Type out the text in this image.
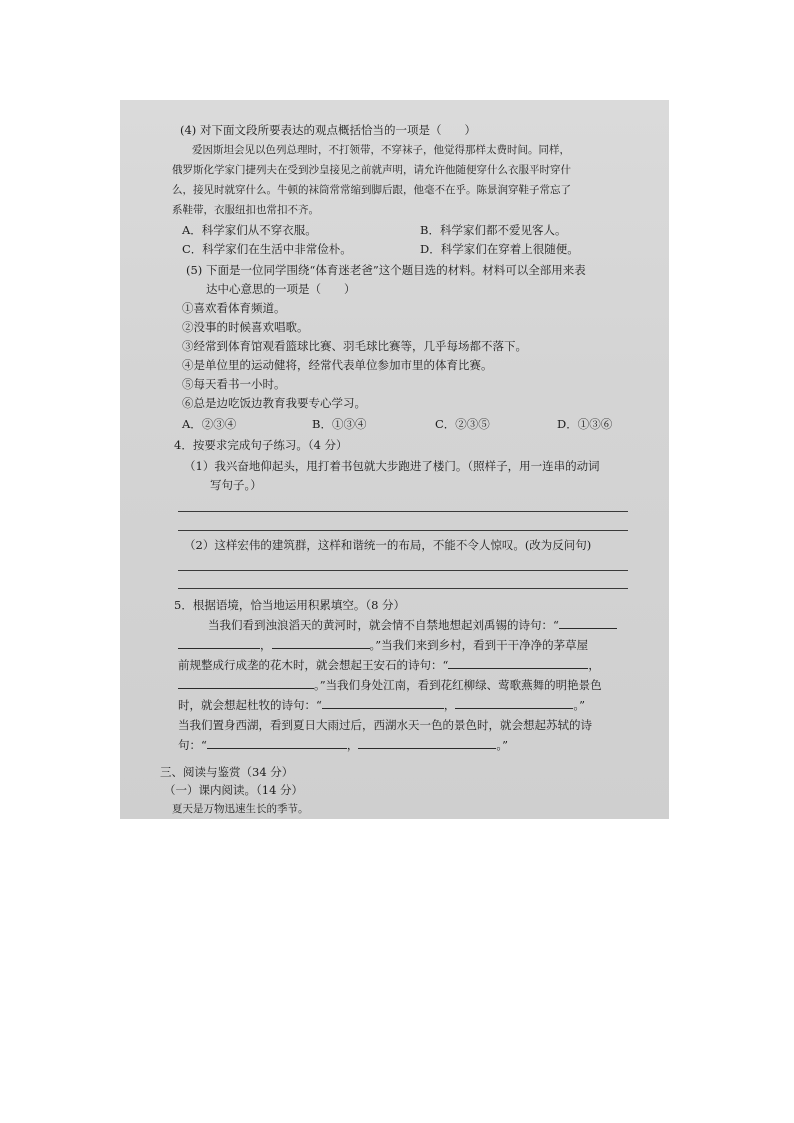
(4) 对下面文段所要表达的观点概括恰当的一项是（　　）
爱因斯坦会见以色列总理时，不打领带，不穿袜子，他觉得那样太费时间。同样，
俄罗斯化学家门捷列夫在受到沙皇接见之前就声明，请允许他随便穿什么衣服平时穿什
么，接见时就穿什么。牛顿的袜筒常常缩到脚后跟，他毫不在乎。陈景润穿鞋子常忘了
系鞋带，衣服纽扣也常扣不齐。
A．科学家们从不穿衣服。	B．科学家们都不爱见客人。
C．科学家们在生活中非常俭朴。	D．科学家们在穿着上很随便。
(5) 下面是一位同学围绕“体育迷老爸”这个题目选的材料。材料可以全部用来表
达中心意思的一项是（　　）
①喜欢看体育频道。
②没事的时候喜欢唱歌。
③经常到体育馆观看篮球比赛、羽毛球比赛等，几乎每场都不落下。
④是单位里的运动健将，经常代表单位参加市里的体育比赛。
⑤每天看书一小时。
⑥总是边吃饭边教育我要专心学习。
A．②③④	B．①③④	C．②③⑤	D．①③⑥
4．按要求完成句子练习。（4 分）
（1）我兴奋地仰起头，甩打着书包就大步跑进了楼门。（照样子，用一连串的动词
写句子。）
（2）这样宏伟的建筑群，这样和谐统一的布局，不能不令人惊叹。(改为反问句)
5．根据语境，恰当地运用积累填空。（8 分）
当我们看到浊浪滔天的黄河时，就会情不自禁地想起刘禹锡的诗句：“
，	。”当我们来到乡村，看到干干净净的茅草屋
前规整成行成垄的花木时，就会想起王安石的诗句：“	，
。”当我们身处江南，看到花红柳绿、莺歌燕舞的明艳景色
时，就会想起杜牧的诗句：“	，	。”
当我们置身西湖，看到夏日大雨过后，西湖水天一色的景色时，就会想起苏轼的诗
句：“	，	。”
三、阅读与鉴赏（34 分）
（一）课内阅读。（14 分）
夏天是万物迅速生长的季节。
